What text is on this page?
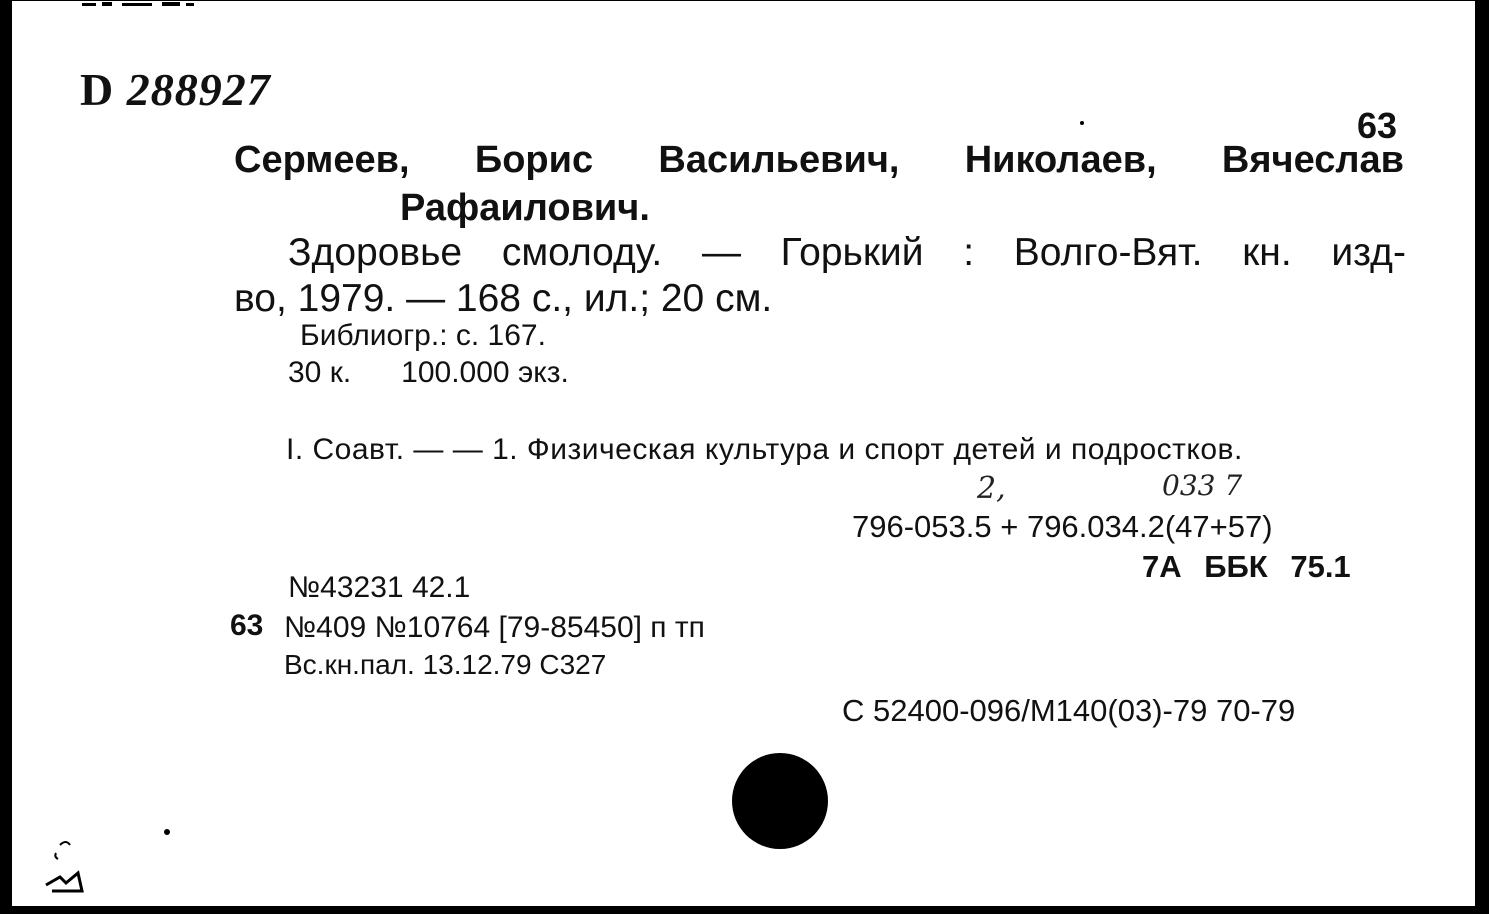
D 288927
63
Сермеев, Борис Васильевич, Николаев, Вячеслав
Рафаилович.
Здоровье смолоду. — Горький : Волго-Вят. кн. изд-
во, 1979. — 168 с., ил.; 20 см.
Библиогр.: с. 167.
30 к. 100.000 экз.
I. Соавт. — — 1. Физическая культура и спорт детей и подростков.
2,	033 7
796-053.5 + 796.034.2(47+57)
7А ББК 75.1
№43231 42.1
63 №409 №10764 [79-85450] п тп
Вс.кн.пал. 13.12.79 С327
С 52400-096/М140(03)-79 70-79
